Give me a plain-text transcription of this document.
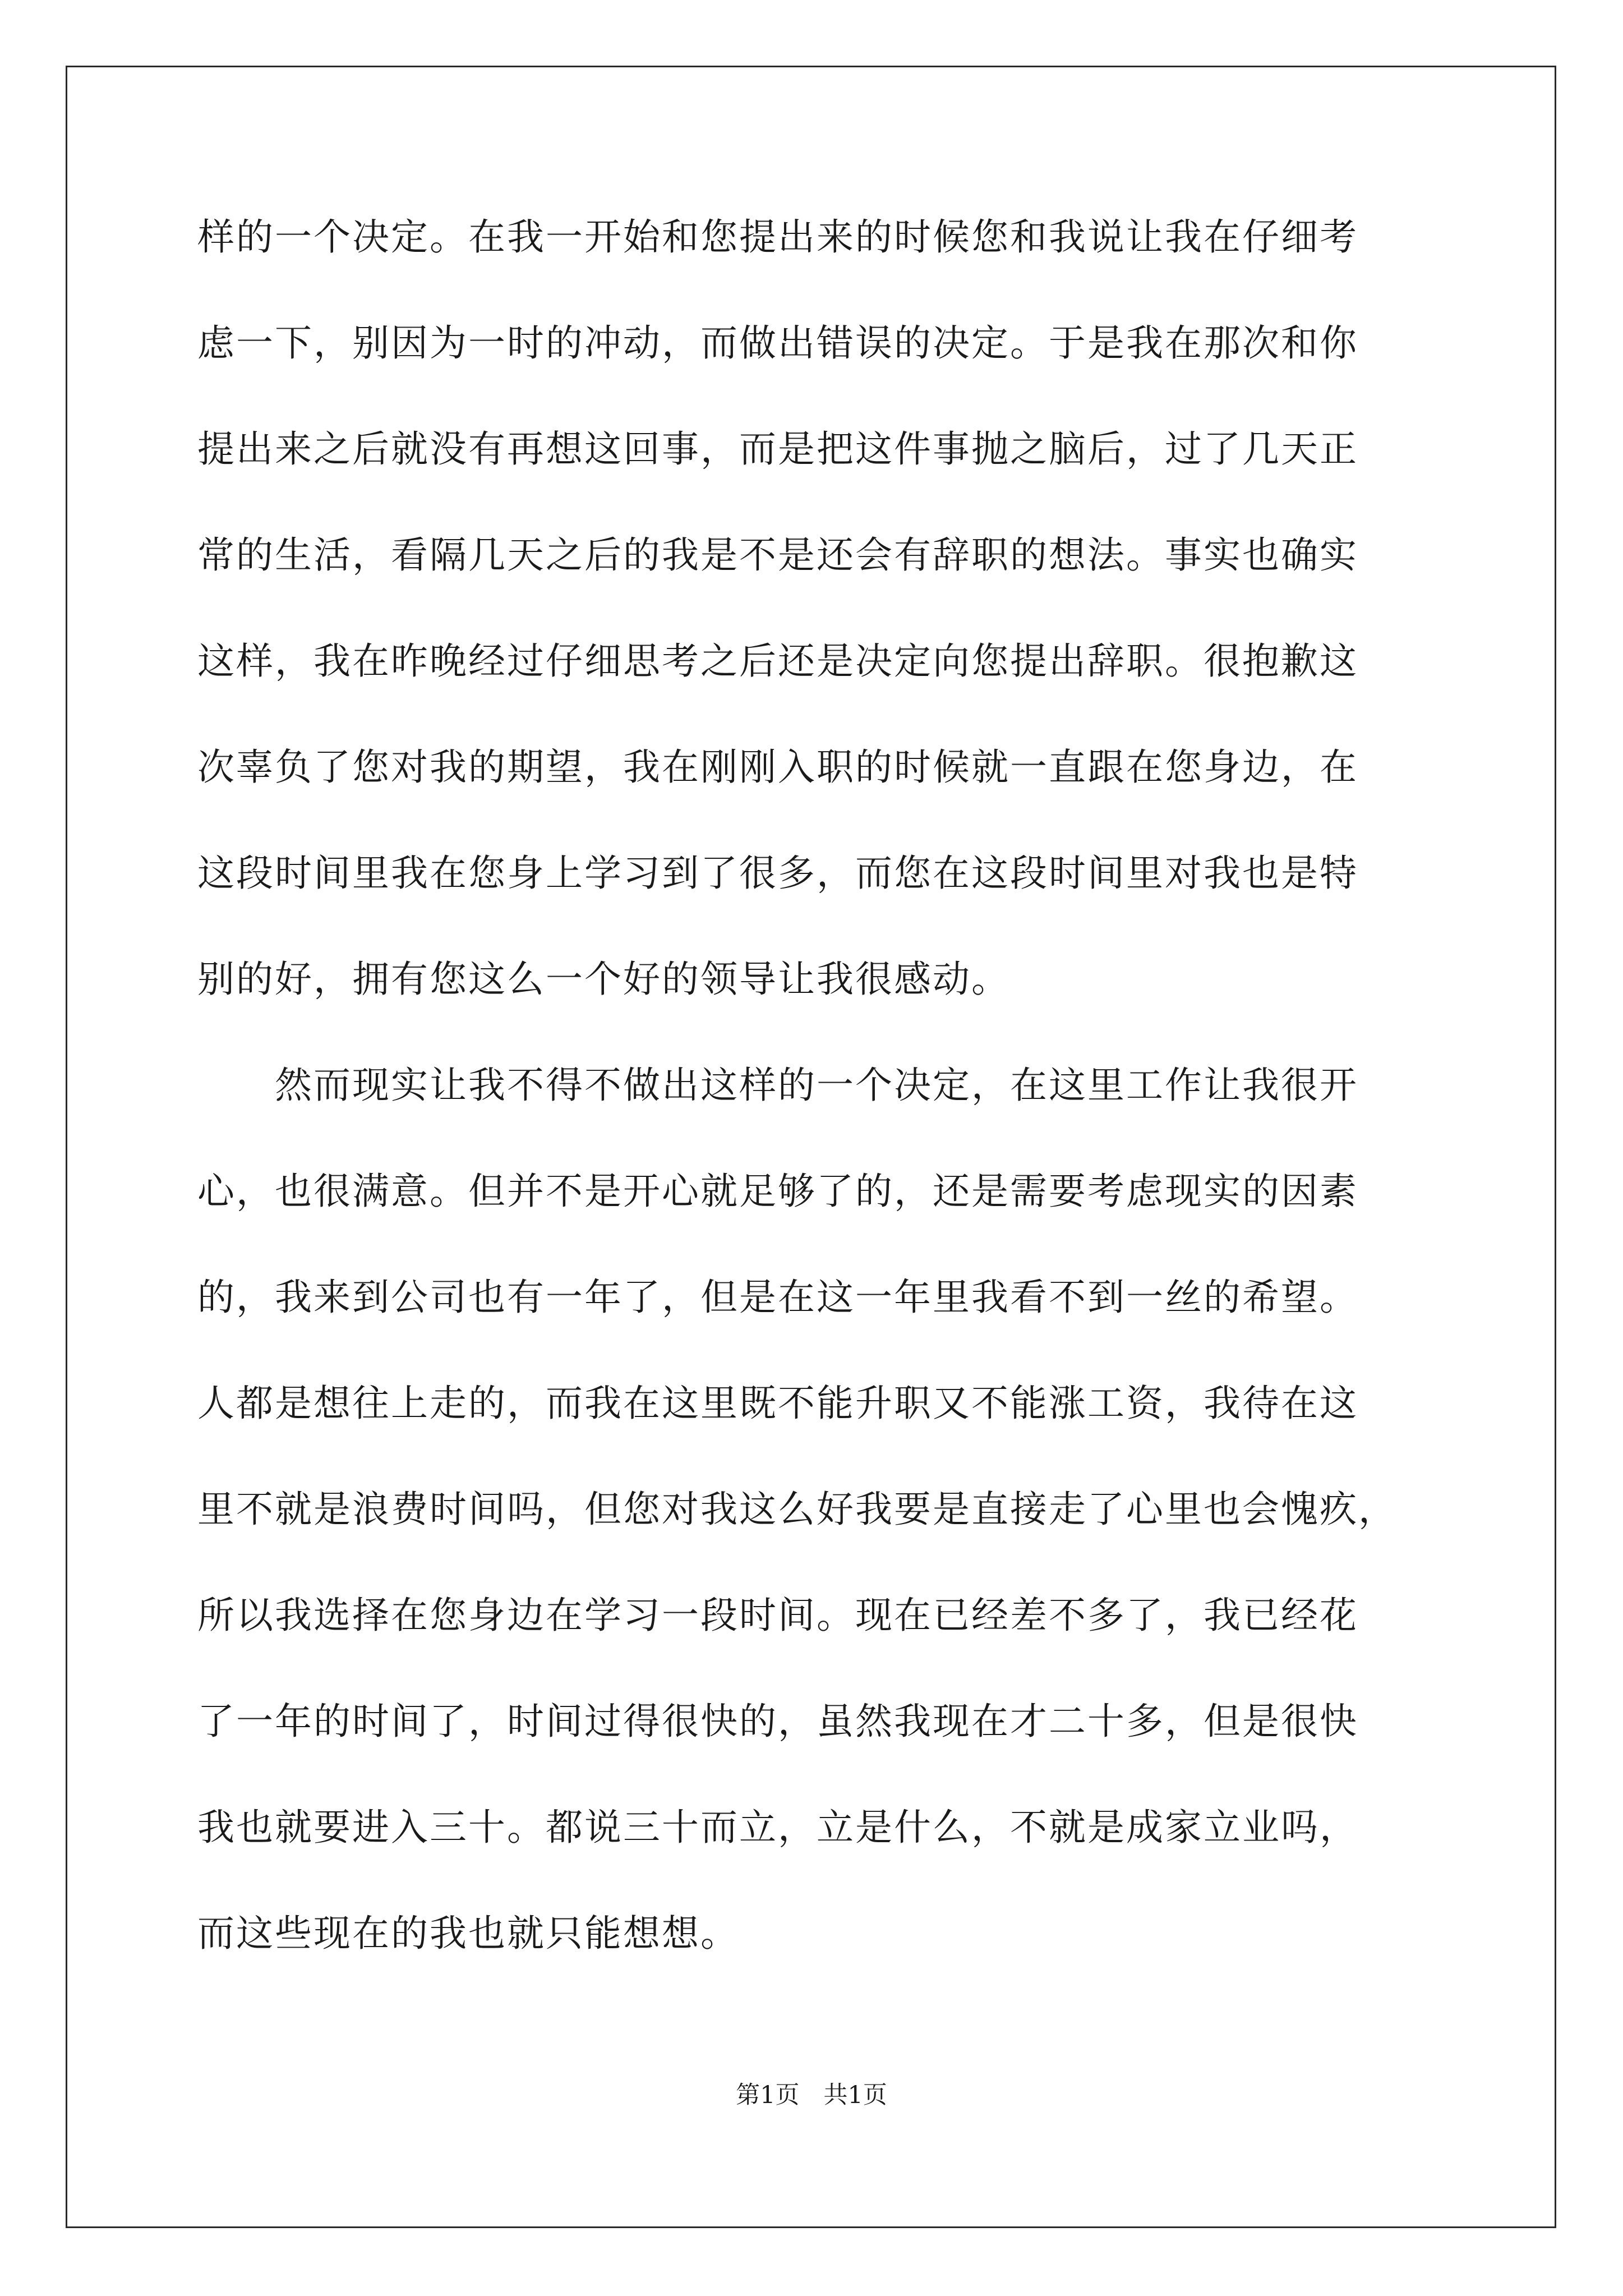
样的一个决定。在我一开始和您提出来的时候您和我说让我在仔细考
虑一下，别因为一时的冲动，而做出错误的决定。于是我在那次和你
提出来之后就没有再想这回事，而是把这件事抛之脑后，过了几天正
常的生活，看隔几天之后的我是不是还会有辞职的想法。事实也确实
这样，我在昨晚经过仔细思考之后还是决定向您提出辞职。很抱歉这
次辜负了您对我的期望，我在刚刚入职的时候就一直跟在您身边，在
这段时间里我在您身上学习到了很多，而您在这段时间里对我也是特
别的好，拥有您这么一个好的领导让我很感动。
　　然而现实让我不得不做出这样的一个决定，在这里工作让我很开
心，也很满意。但并不是开心就足够了的，还是需要考虑现实的因素
的，我来到公司也有一年了，但是在这一年里我看不到一丝的希望。
人都是想往上走的，而我在这里既不能升职又不能涨工资，我待在这
里不就是浪费时间吗，但您对我这么好我要是直接走了心里也会愧疚，
所以我选择在您身边在学习一段时间。现在已经差不多了，我已经花
了一年的时间了，时间过得很快的，虽然我现在才二十多，但是很快
我也就要进入三十。都说三十而立，立是什么，不就是成家立业吗，
而这些现在的我也就只能想想。
第1页　共1页
